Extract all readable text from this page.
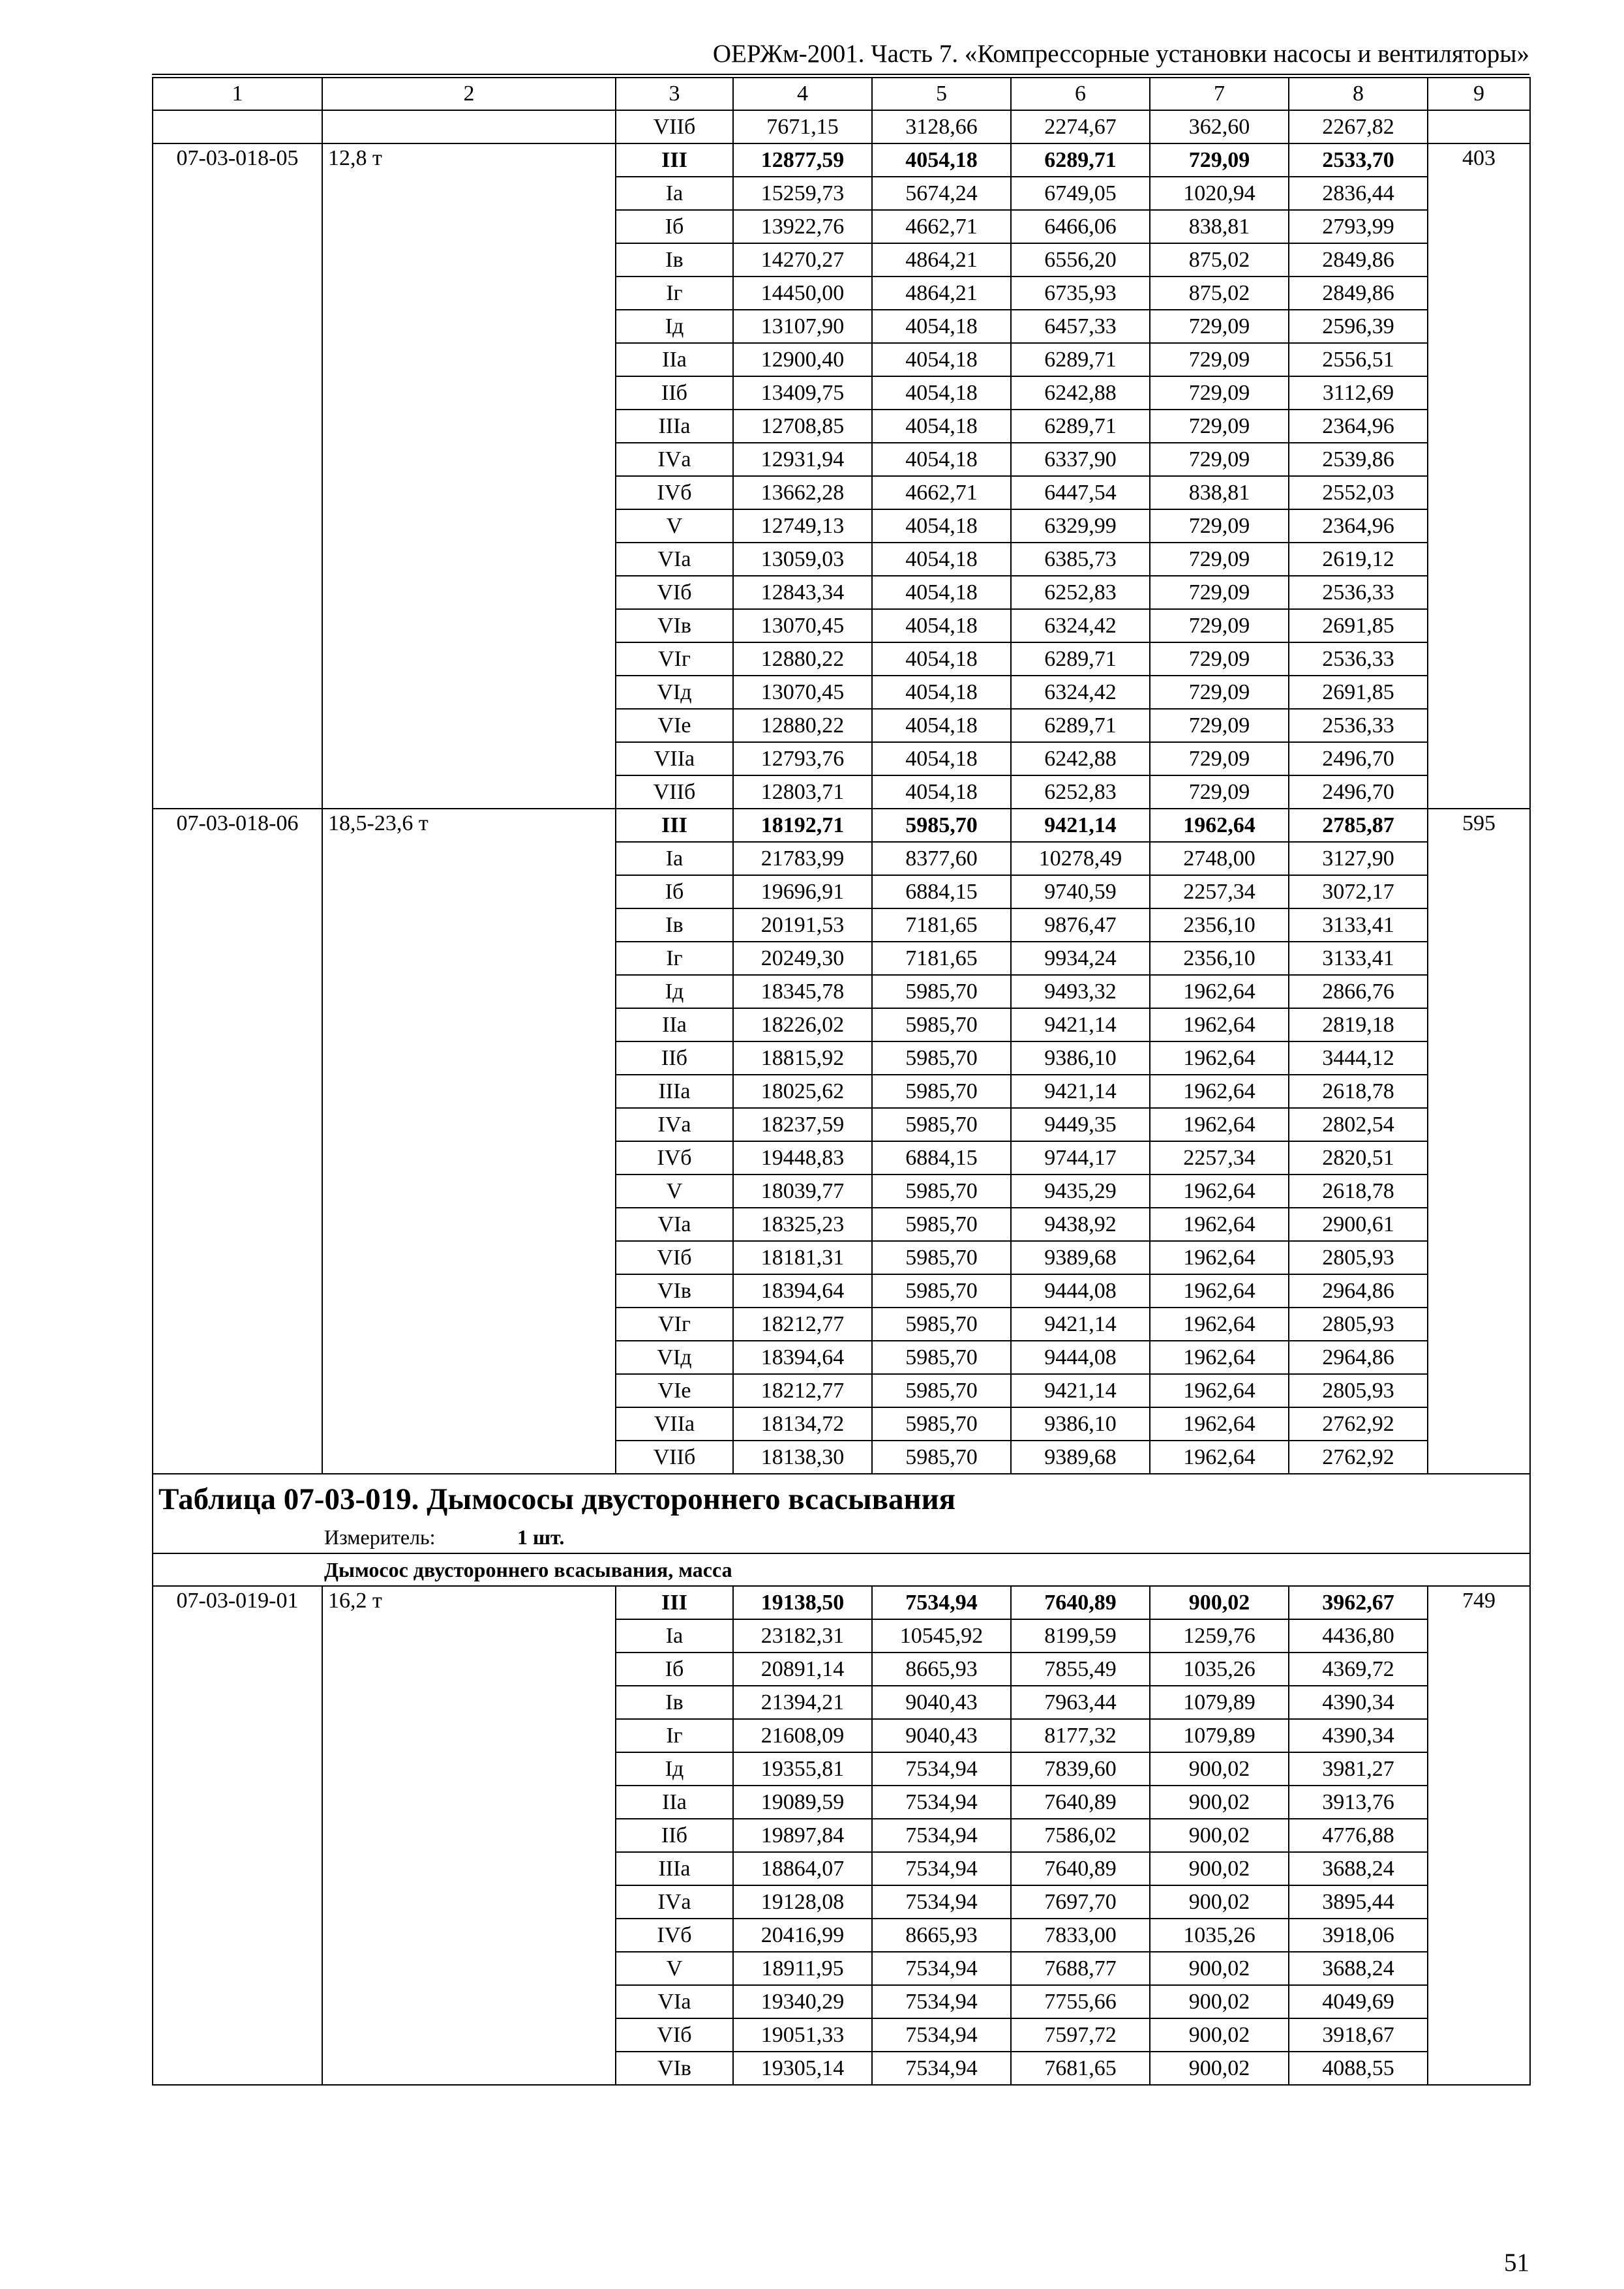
ОЕРЖм-2001. Часть 7. «Компрессорные установки насосы и вентиляторы»
1	2	3	4	5	6	7	8	9
		VIIб	7671,15	3128,66	2274,67	362,60	2267,82	
07-03-018-05	12,8 т	III	12877,59	4054,18	6289,71	729,09	2533,70	403
		Iа	15259,73	5674,24	6749,05	1020,94	2836,44	
		Iб	13922,76	4662,71	6466,06	838,81	2793,99	
		Iв	14270,27	4864,21	6556,20	875,02	2849,86	
		Iг	14450,00	4864,21	6735,93	875,02	2849,86	
		Iд	13107,90	4054,18	6457,33	729,09	2596,39	
		IIа	12900,40	4054,18	6289,71	729,09	2556,51	
		IIб	13409,75	4054,18	6242,88	729,09	3112,69	
		IIIа	12708,85	4054,18	6289,71	729,09	2364,96	
		IVа	12931,94	4054,18	6337,90	729,09	2539,86	
		IVб	13662,28	4662,71	6447,54	838,81	2552,03	
		V	12749,13	4054,18	6329,99	729,09	2364,96	
		VIа	13059,03	4054,18	6385,73	729,09	2619,12	
		VIб	12843,34	4054,18	6252,83	729,09	2536,33	
		VIв	13070,45	4054,18	6324,42	729,09	2691,85	
		VIг	12880,22	4054,18	6289,71	729,09	2536,33	
		VIд	13070,45	4054,18	6324,42	729,09	2691,85	
		VIе	12880,22	4054,18	6289,71	729,09	2536,33	
		VIIа	12793,76	4054,18	6242,88	729,09	2496,70	
		VIIб	12803,71	4054,18	6252,83	729,09	2496,70	
07-03-018-06	18,5-23,6 т	III	18192,71	5985,70	9421,14	1962,64	2785,87	595
		Iа	21783,99	8377,60	10278,49	2748,00	3127,90	
		Iб	19696,91	6884,15	9740,59	2257,34	3072,17	
		Iв	20191,53	7181,65	9876,47	2356,10	3133,41	
		Iг	20249,30	7181,65	9934,24	2356,10	3133,41	
		Iд	18345,78	5985,70	9493,32	1962,64	2866,76	
		IIа	18226,02	5985,70	9421,14	1962,64	2819,18	
		IIб	18815,92	5985,70	9386,10	1962,64	3444,12	
		IIIа	18025,62	5985,70	9421,14	1962,64	2618,78	
		IVа	18237,59	5985,70	9449,35	1962,64	2802,54	
		IVб	19448,83	6884,15	9744,17	2257,34	2820,51	
		V	18039,77	5985,70	9435,29	1962,64	2618,78	
		VIа	18325,23	5985,70	9438,92	1962,64	2900,61	
		VIб	18181,31	5985,70	9389,68	1962,64	2805,93	
		VIв	18394,64	5985,70	9444,08	1962,64	2964,86	
		VIг	18212,77	5985,70	9421,14	1962,64	2805,93	
		VIд	18394,64	5985,70	9444,08	1962,64	2964,86	
		VIе	18212,77	5985,70	9421,14	1962,64	2805,93	
		VIIа	18134,72	5985,70	9386,10	1962,64	2762,92	
		VIIб	18138,30	5985,70	9389,68	1962,64	2762,92	

Таблица 07-03-019. Дымососы двустороннего всасывания
Измеритель: 1 шт.								

Дымосос двустороннего всасывания, масса								

07-03-019-01	16,2 т	III	19138,50	7534,94	7640,89	900,02	3962,67	749
		Iа	23182,31	10545,92	8199,59	1259,76	4436,80	
		Iб	20891,14	8665,93	7855,49	1035,26	4369,72	
		Iв	21394,21	9040,43	7963,44	1079,89	4390,34	
		Iг	21608,09	9040,43	8177,32	1079,89	4390,34	
		Iд	19355,81	7534,94	7839,60	900,02	3981,27	
		IIа	19089,59	7534,94	7640,89	900,02	3913,76	
		IIб	19897,84	7534,94	7586,02	900,02	4776,88	
		IIIа	18864,07	7534,94	7640,89	900,02	3688,24	
		IVа	19128,08	7534,94	7697,70	900,02	3895,44	
		IVб	20416,99	8665,93	7833,00	1035,26	3918,06	
		V	18911,95	7534,94	7688,77	900,02	3688,24	
		VIа	19340,29	7534,94	7755,66	900,02	4049,69	
		VIб	19051,33	7534,94	7597,72	900,02	3918,67	
		VIв	19305,14	7534,94	7681,65	900,02	4088,55	
51
